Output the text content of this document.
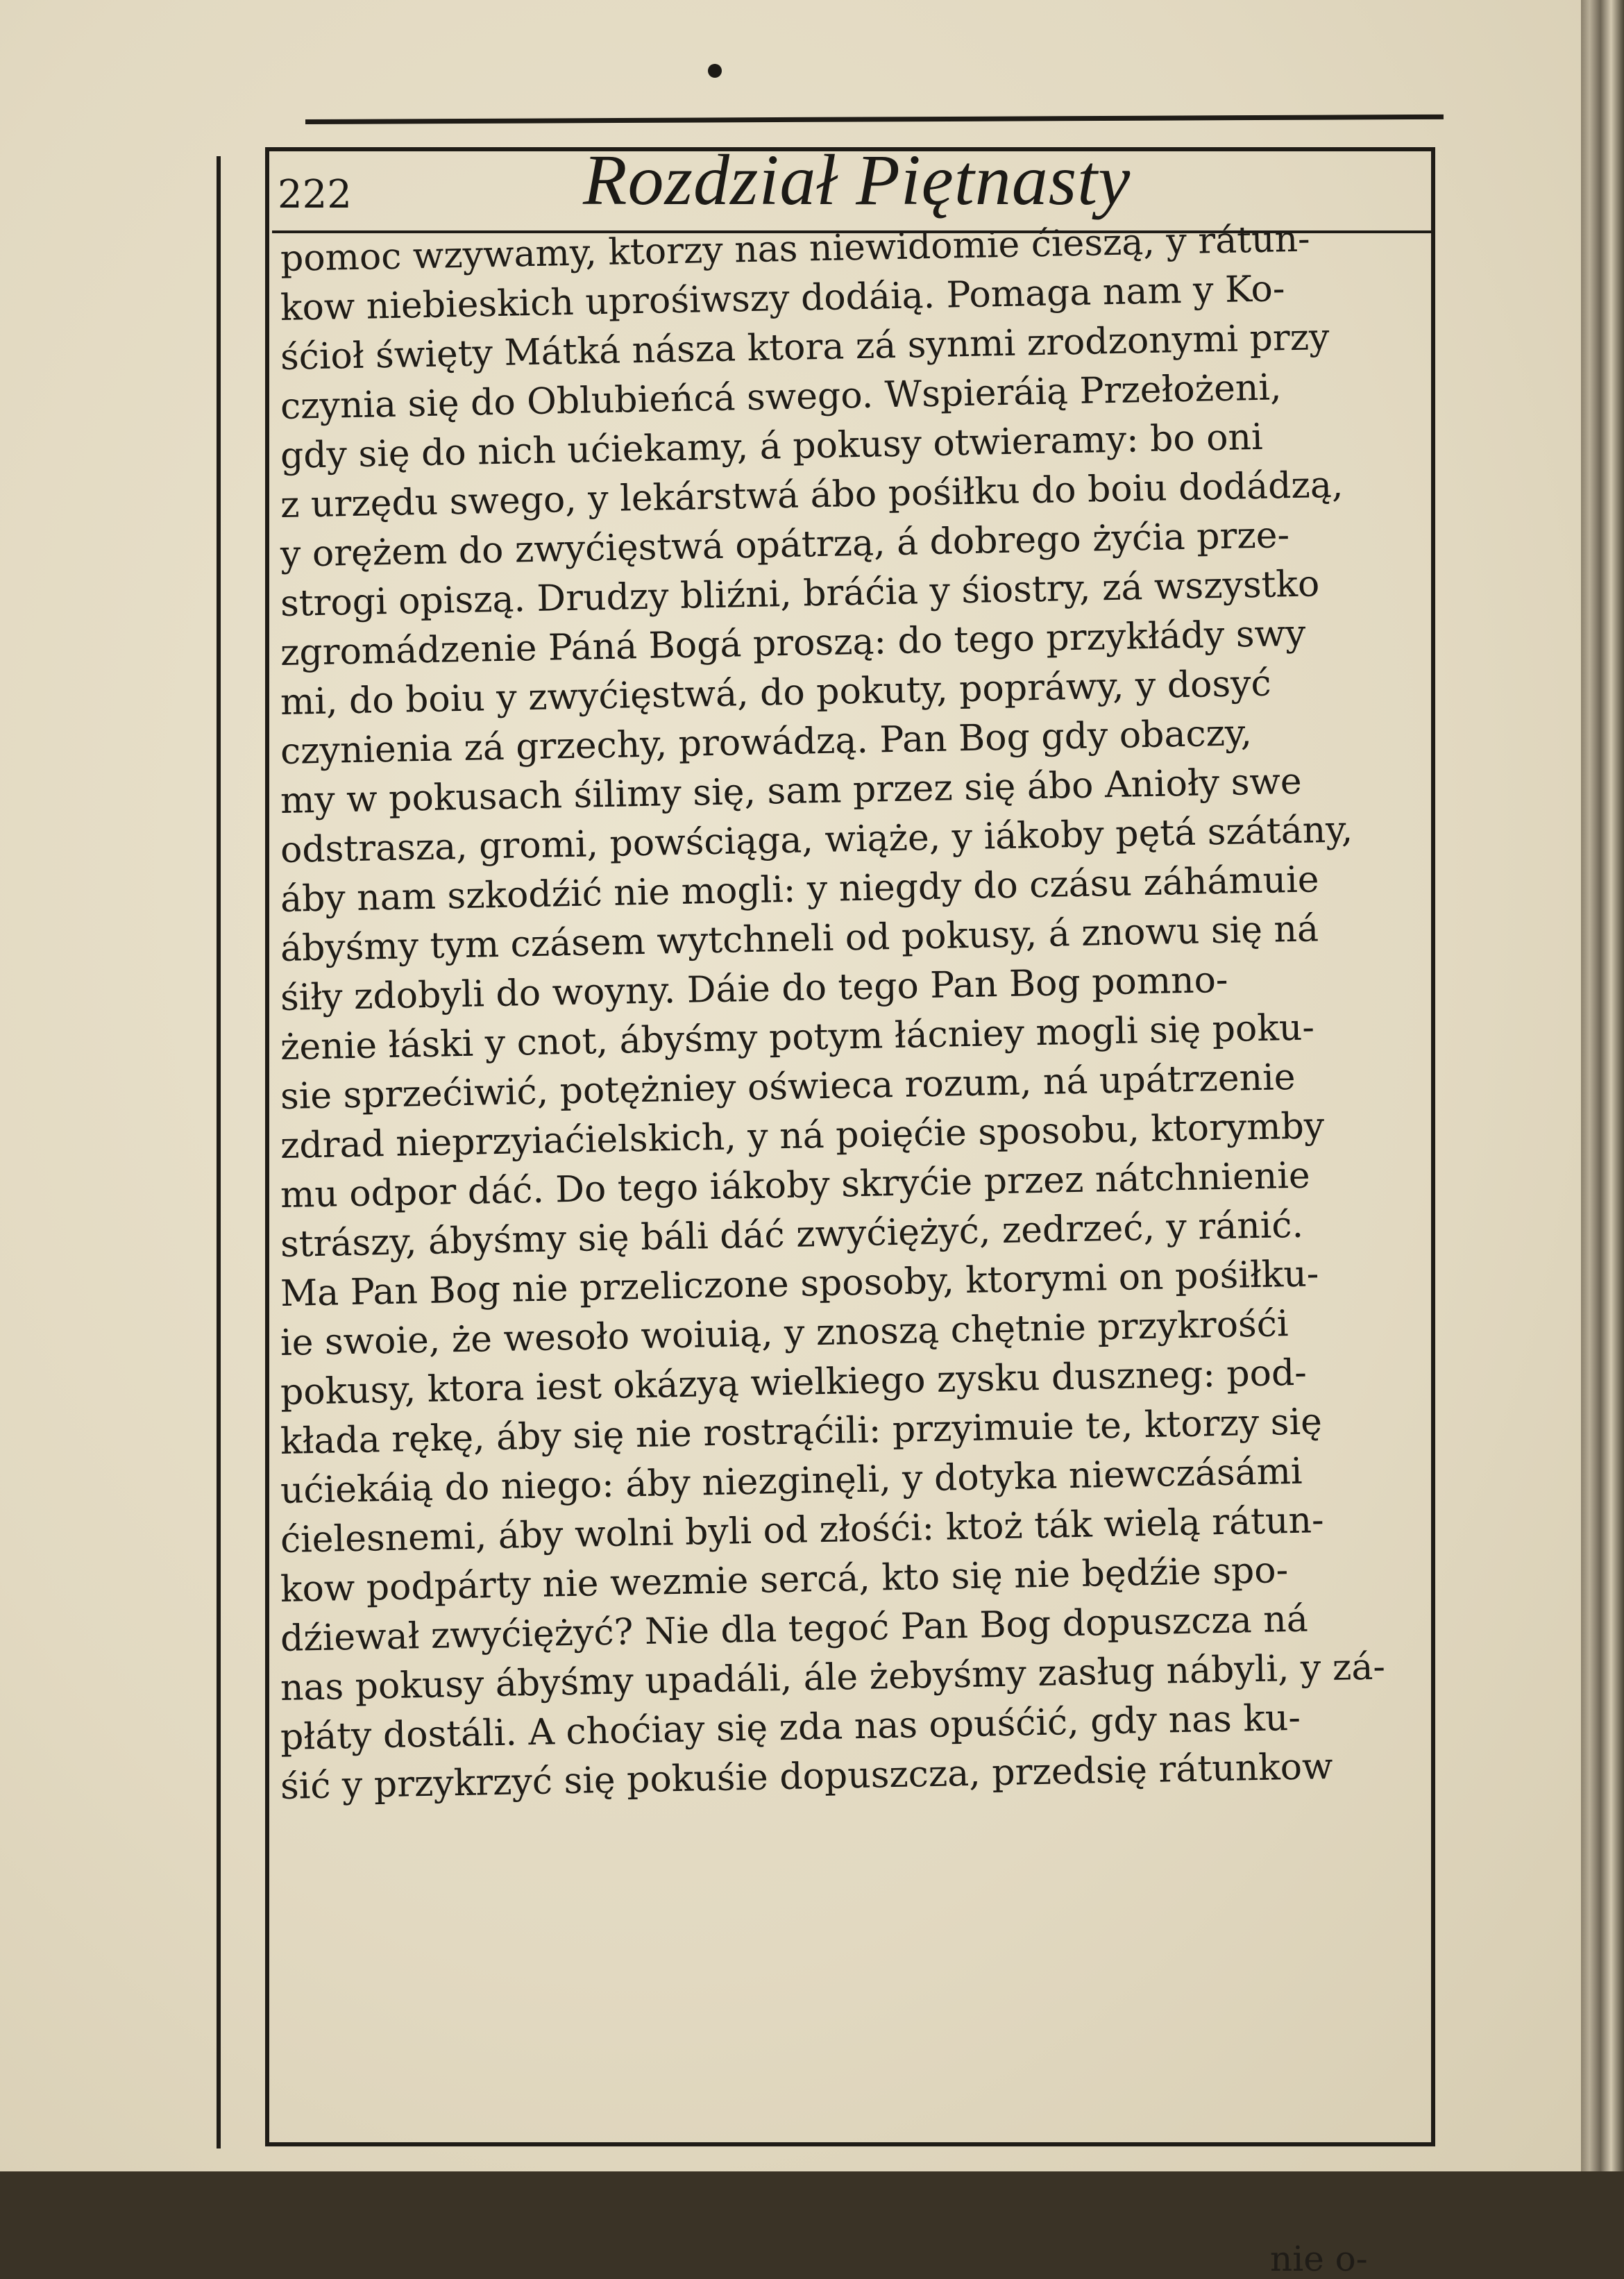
222	Rozdział Piętnasty
pomoc wzywamy, ktorzy nas niewidomie ćieszą, y rátun-
kow niebieskich uprośiwszy dodáią. Pomaga nam y Ko-
śćioł święty Mátká násza ktora zá synmi zrodzonymi przy
czynia się do Oblubieńcá swego. Wspieráią Przełożeni,
gdy się do nich ućiekamy, á pokusy otwieramy: bo oni
z urzędu swego, y lekárstwá ábo pośiłku do boiu dodádzą,
y orężem do zwyćięstwá opátrzą, á dobrego żyćia prze-
strogi opiszą. Drudzy bliźni, bráćia y śiostry, zá wszystko
zgromádzenie Páná Bogá proszą: do tego przykłády swy
mi, do boiu y zwyćięstwá, do pokuty, popráwy, y dosyć
czynienia zá grzechy, prowádzą. Pan Bog gdy obaczy,
my w pokusach śilimy się, sam przez się ábo Anioły swe
odstrasza, gromi, powściąga, wiąże, y iákoby pętá szátány,
áby nam szkodźić nie mogli: y niegdy do czásu záhámuie
ábyśmy tym czásem wytchneli od pokusy, á znowu się ná
śiły zdobyli do woyny. Dáie do tego Pan Bog pomno-
żenie łáski y cnot, ábyśmy potym łácniey mogli się poku-
sie sprzećiwić, potężniey oświeca rozum, ná upátrzenie
zdrad nieprzyiaćielskich, y ná poięćie sposobu, ktorymby
mu odpor dáć. Do tego iákoby skryćie przez nátchnienie
strászy, ábyśmy się báli dáć zwyćiężyć, zedrzeć, y ránić.
Ma Pan Bog nie przeliczone sposoby, ktorymi on pośiłku-
ie swoie, że wesoło woiuią, y znoszą chętnie przykrośći
pokusy, ktora iest okázyą wielkiego zysku duszneg: pod-
kłada rękę, áby się nie rostrąćili: przyimuie te, ktorzy się
ućiekáią do niego: áby niezginęli, y dotyka niewczásámi
ćielesnemi, áby wolni byli od złośći: ktoż ták wielą rátun-
kow podpárty nie wezmie sercá, kto się nie będźie spo-
dźiewał zwyćiężyć? Nie dla tegoć Pan Bog dopuszcza ná
nas pokusy ábyśmy upadáli, ále żebyśmy zasług nábyli, y zá-
płáty dostáli. A choćiay się zda nas opuśćić, gdy nas ku-
śić y przykrzyć się pokuśie dopuszcza, przedsię rátunkow
nie o-
